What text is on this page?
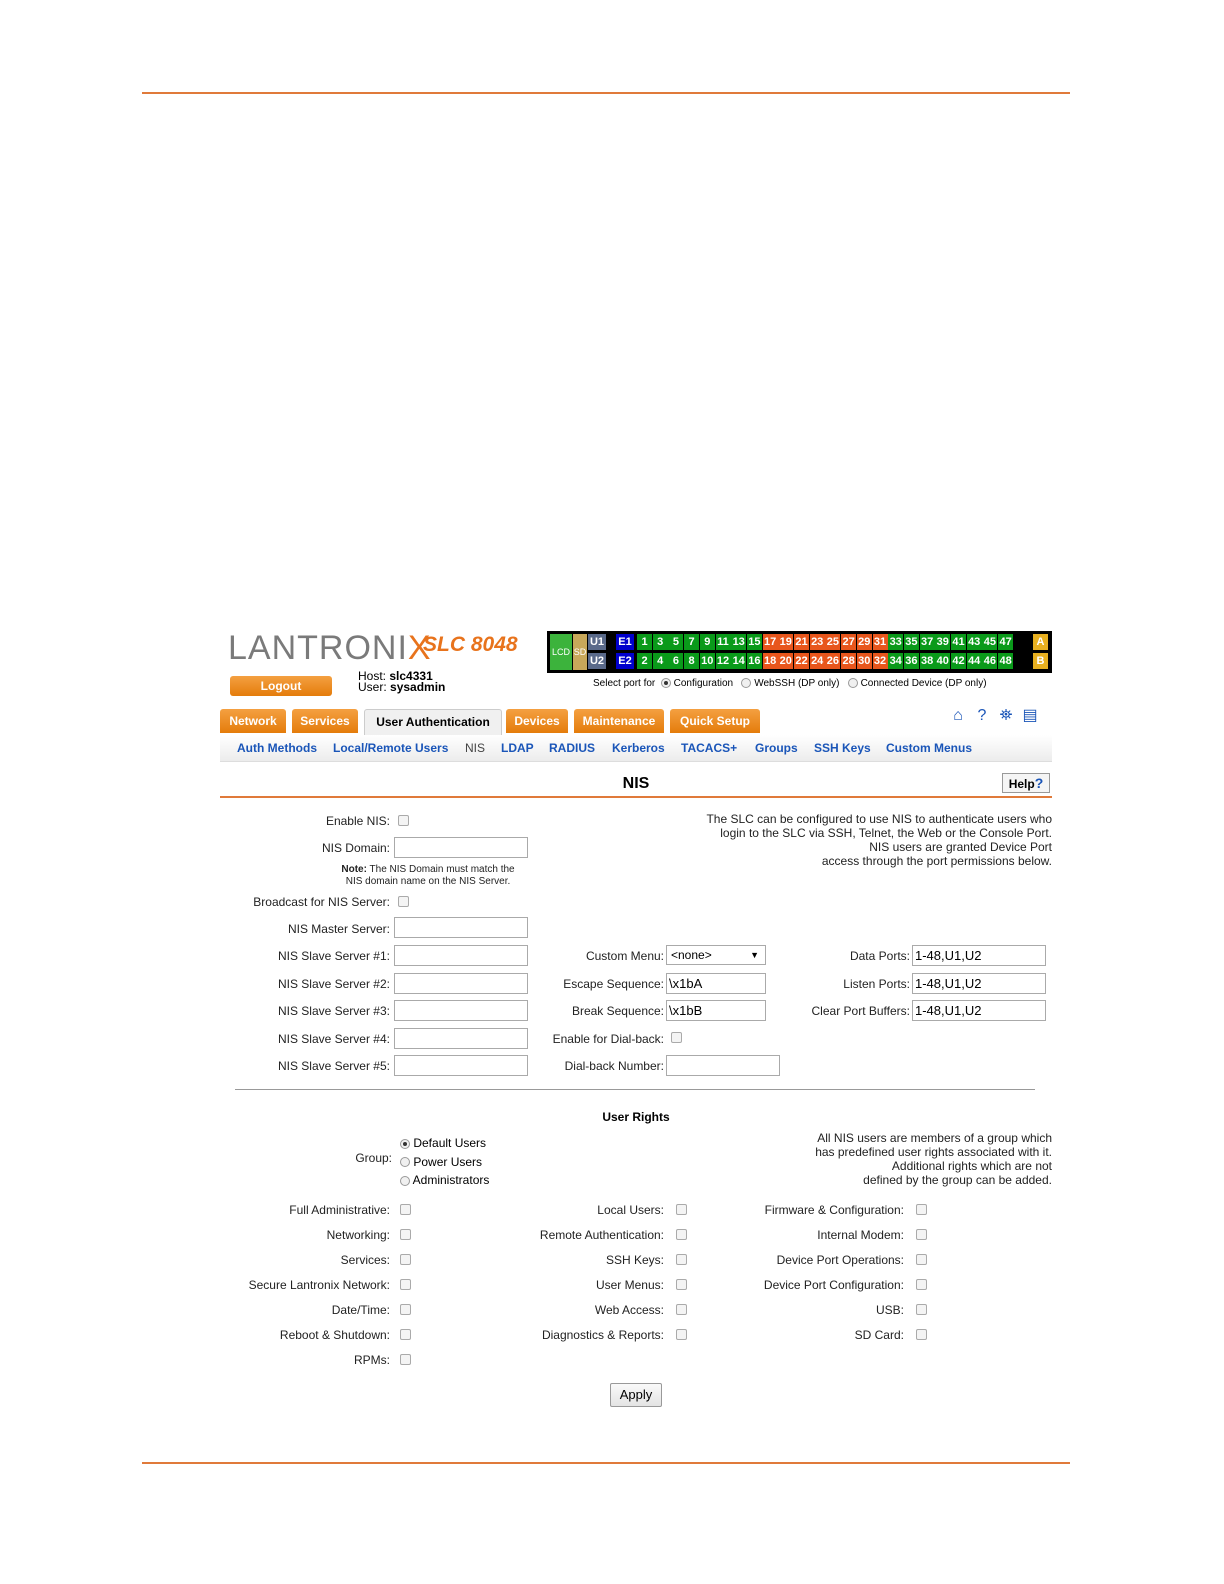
LANTRONIX
SLC 8048
Logout
Host: slc4331
User: sysadmin
LCD SD
U1
U2
E1
E2
1 3 5 7 9 11 13 15 17 19 21 23 25 27 29 31 33 35 37 39 41 43 45 47
2 4 6 8 10 12 14 16 18 20 22 24 26 28 30 32 34 36 38 40 42 44 46 48
A
B
Select port for Configuration WebSSH (DP only) Connected Device (DP only)
Network	Services	User Authentication	Devices	Maintenance	Quick Setup	⌂ ? ⛯ ▤
Auth Methods Local/Remote Users NIS LDAP RADIUS Kerberos TACACS+ Groups SSH Keys Custom Menus
NIS	Help?
Enable NIS:
NIS Domain:
Note: The NIS Domain must match the
NIS domain name on the NIS Server.
Broadcast for NIS Server:
NIS Master Server:
NIS Slave Server #1:
NIS Slave Server #2:
NIS Slave Server #3:
NIS Slave Server #4:
NIS Slave Server #5:
Custom Menu: <none>	▼
Escape Sequence: \x1bA
Break Sequence: \x1bB
Enable for Dial-back:
Dial-back Number:
The SLC can be configured to use NIS to authenticate users who
login to the SLC via SSH, Telnet, the Web or the Console Port.
NIS users are granted Device Port
access through the port permissions below.
Data Ports: 1-48,U1,U2
Listen Ports: 1-48,U1,U2
Clear Port Buffers: 1-48,U1,U2
User Rights
Group:
Default Users
Power Users
Administrators
All NIS users are members of a group which
has predefined user rights associated with it.
Additional rights which are not
defined by the group can be added.
Full Administrative:
Networking:
Services:
Secure Lantronix Network:
Date/Time:
Reboot & Shutdown:
RPMs:
Local Users:
Remote Authentication:
SSH Keys:
User Menus:
Web Access:
Diagnostics & Reports:
Firmware & Configuration:
Internal Modem:
Device Port Operations:
Device Port Configuration:
USB:
SD Card:
Apply
